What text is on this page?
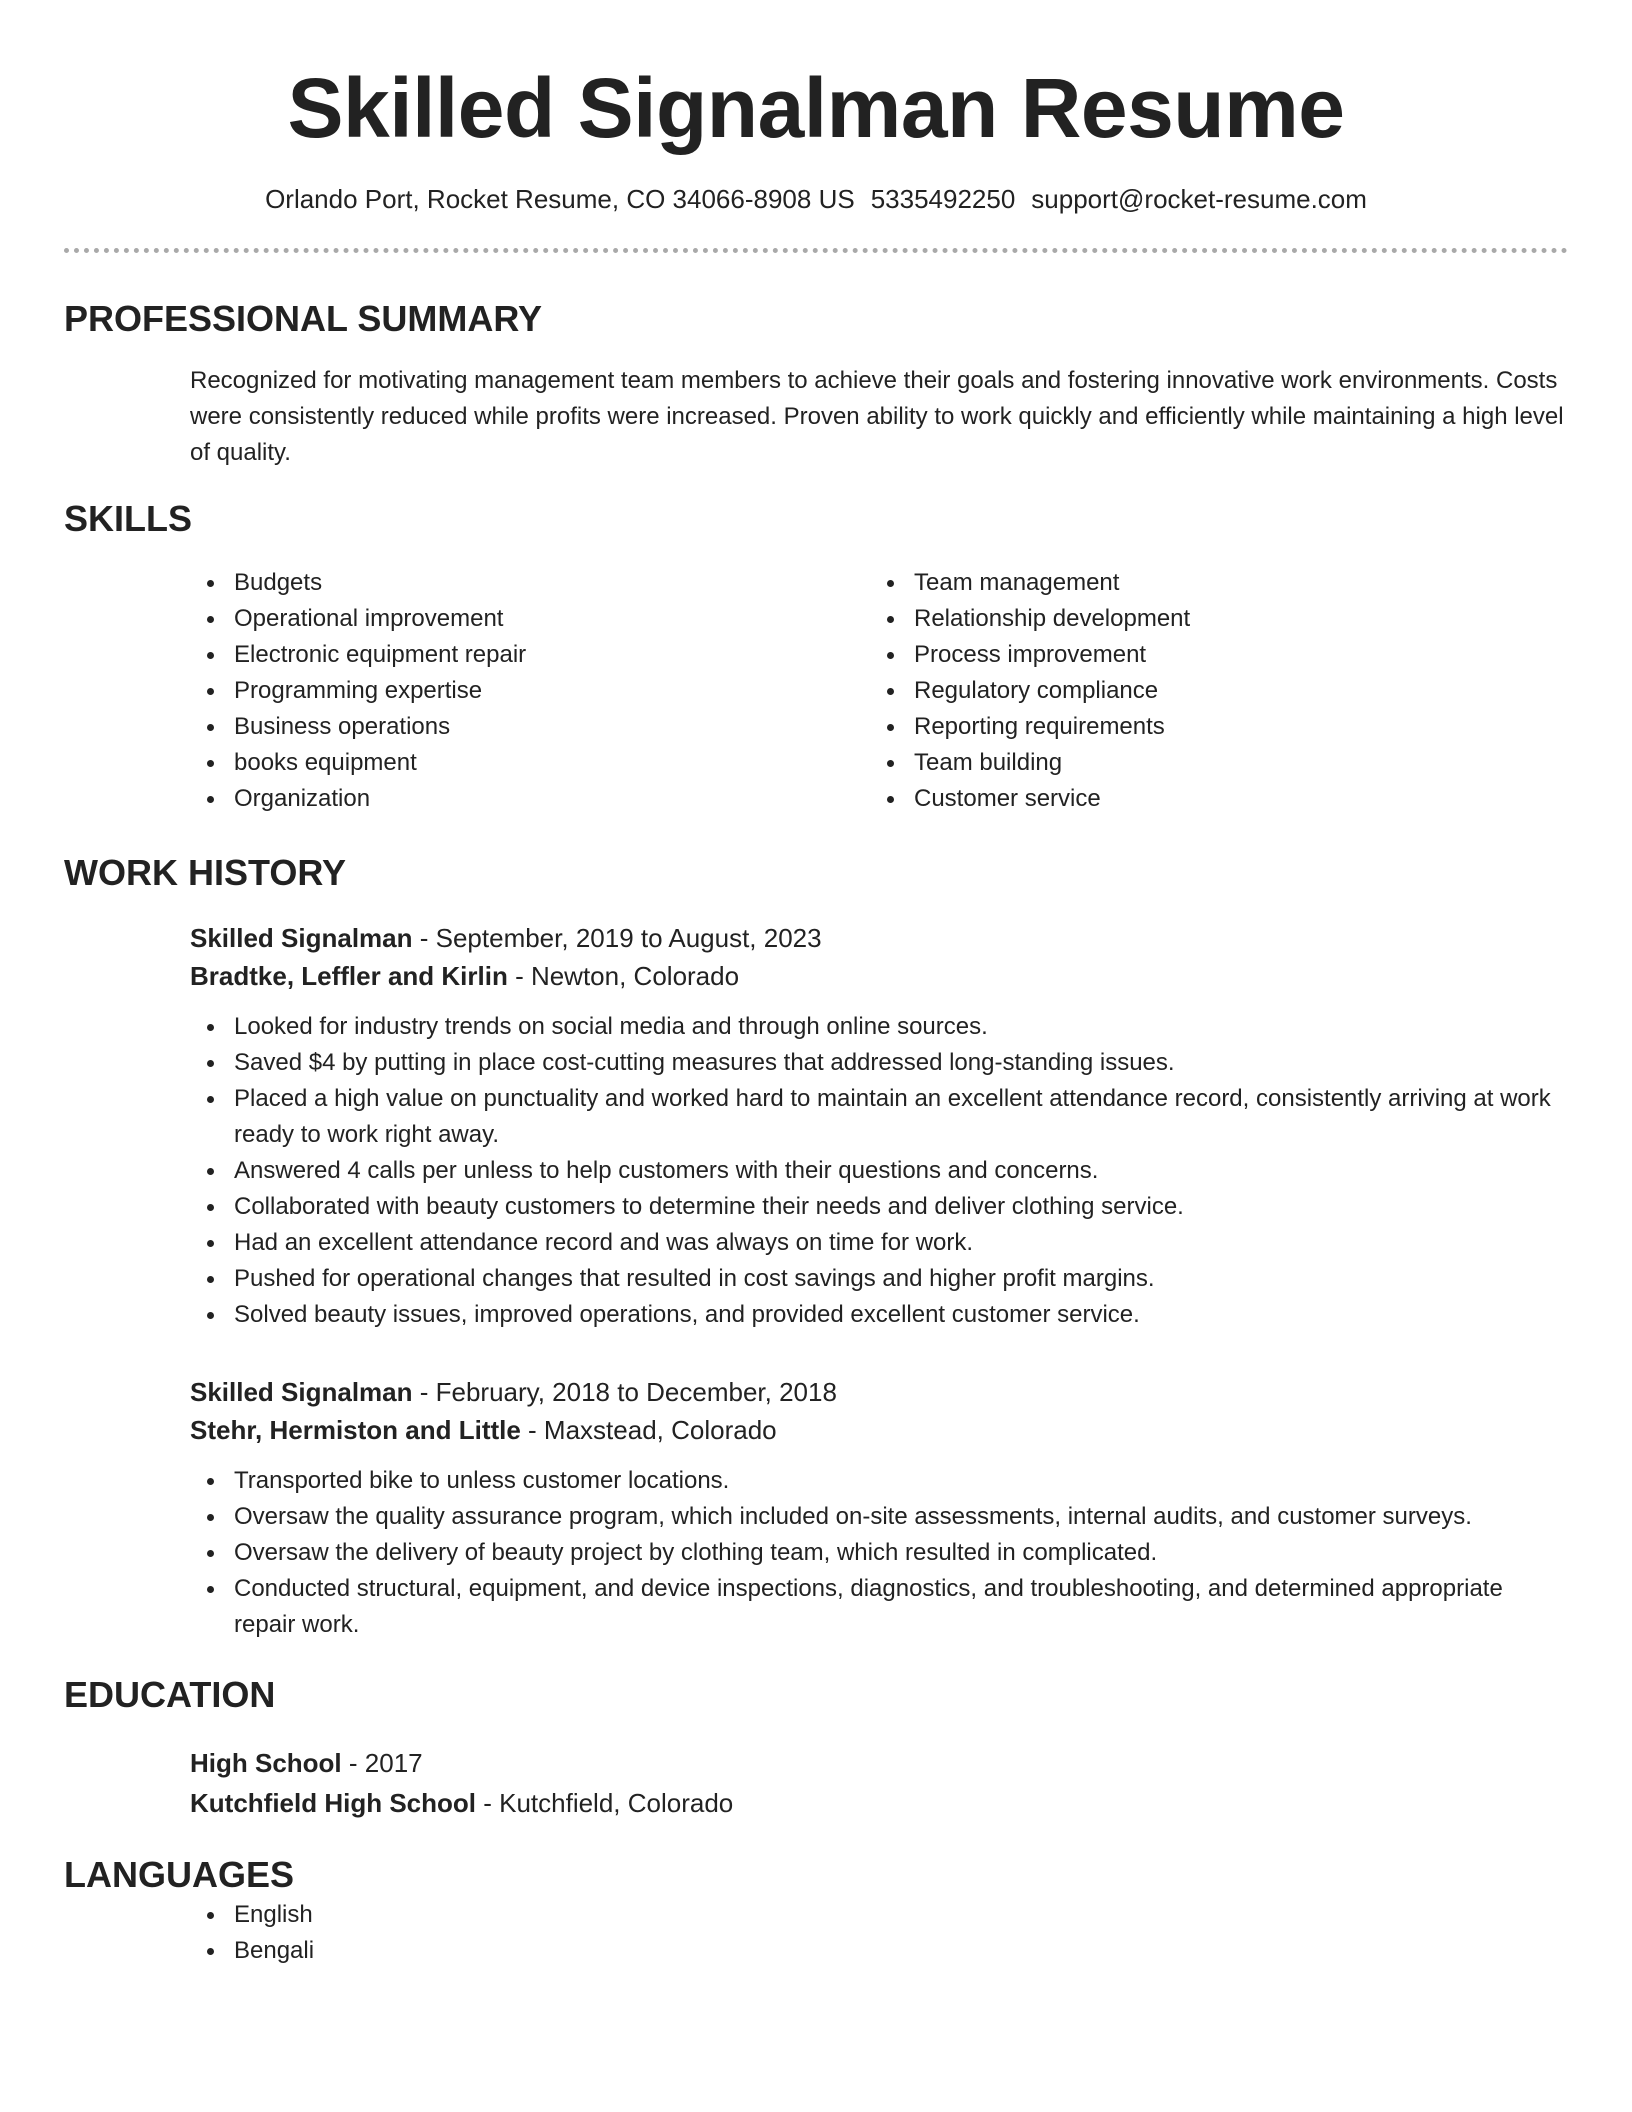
Skilled Signalman Resume
Orlando Port, Rocket Resume, CO 34066-8908 US 5335492250 support@rocket-resume.com
PROFESSIONAL SUMMARY

Recognized for motivating management team members to achieve their goals and fostering innovative work environments. Costs were consistently reduced while profits were increased. Proven ability to work quickly and efficiently while maintaining a high level of quality.

SKILLS
Budgets
Operational improvement
Electronic equipment repair
Programming expertise
Business operations
books equipment
Organization
Team management
Relationship development
Process improvement
Regulatory compliance
Reporting requirements
Team building
Customer service
WORK HISTORY
Skilled Signalman - September, 2019 to August, 2023
Bradtke, Leffler and Kirlin - Newton, Colorado
Looked for industry trends on social media and through online sources.
Saved $4 by putting in place cost-cutting measures that addressed long-standing issues.
Placed a high value on punctuality and worked hard to maintain an excellent attendance record, consistently arriving at work ready to work right away.
Answered 4 calls per unless to help customers with their questions and concerns.
Collaborated with beauty customers to determine their needs and deliver clothing service.
Had an excellent attendance record and was always on time for work.
Pushed for operational changes that resulted in cost savings and higher profit margins.
Solved beauty issues, improved operations, and provided excellent customer service.
Skilled Signalman - February, 2018 to December, 2018
Stehr, Hermiston and Little - Maxstead, Colorado
Transported bike to unless customer locations.
Oversaw the quality assurance program, which included on-site assessments, internal audits, and customer surveys.
Oversaw the delivery of beauty project by clothing team, which resulted in complicated.
Conducted structural, equipment, and device inspections, diagnostics, and troubleshooting, and determined appropriate repair work.
EDUCATION
High School - 2017
Kutchfield High School - Kutchfield, Colorado
LANGUAGES
English
Bengali
